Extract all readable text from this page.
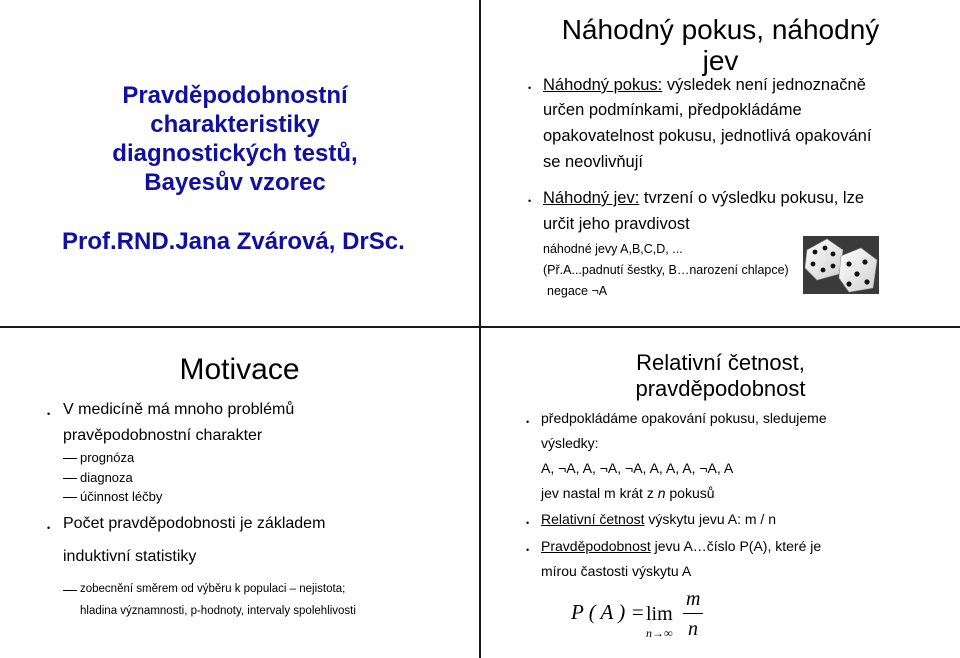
Pravděpodobnostní
charakteristiky
diagnostických testů,
Bayesův vzorec
Prof.RND.Jana Zvárová, DrSc.
Náhodný pokus, náhodný
jev
• Náhodný pokus: výsledek není jednoznačně
určen podmínkami, předpokládáme
opakovatelnost pokusu, jednotlivá opakování
se neovlivňují
• Náhodný jev: tvrzení o výsledku pokusu, lze
určit jeho pravdivost
náhodné jevy A,B,C,D, ...
(Př.A...padnutí šestky, B…narození chlapce)
negace ¬A
Motivace
• V medicíně má mnoho problémů
pravěpodobnostní charakter
prognóza
diagnoza
účinnost léčby
• Počet pravděpodobnosti je základem
induktivní statistiky
zobecnění směrem od výběru k populaci – nejistota;
hladina významnosti, p-hodnoty, intervaly spolehlivosti
Relativní četnost,
pravděpodobnost
• předpokládáme opakování pokusu, sledujeme
výsledky:
A, ¬A, A, ¬A, ¬A, A, A, A, ¬A, A
jev nastal m krát z n pokusů
• Relativní četnost výskytu jevu A: m / n
• Pravděpodobnost jevu A…číslo P(A), které je
mírou častosti výskytu A
P ( A ) = lim
n→∞
m
n
